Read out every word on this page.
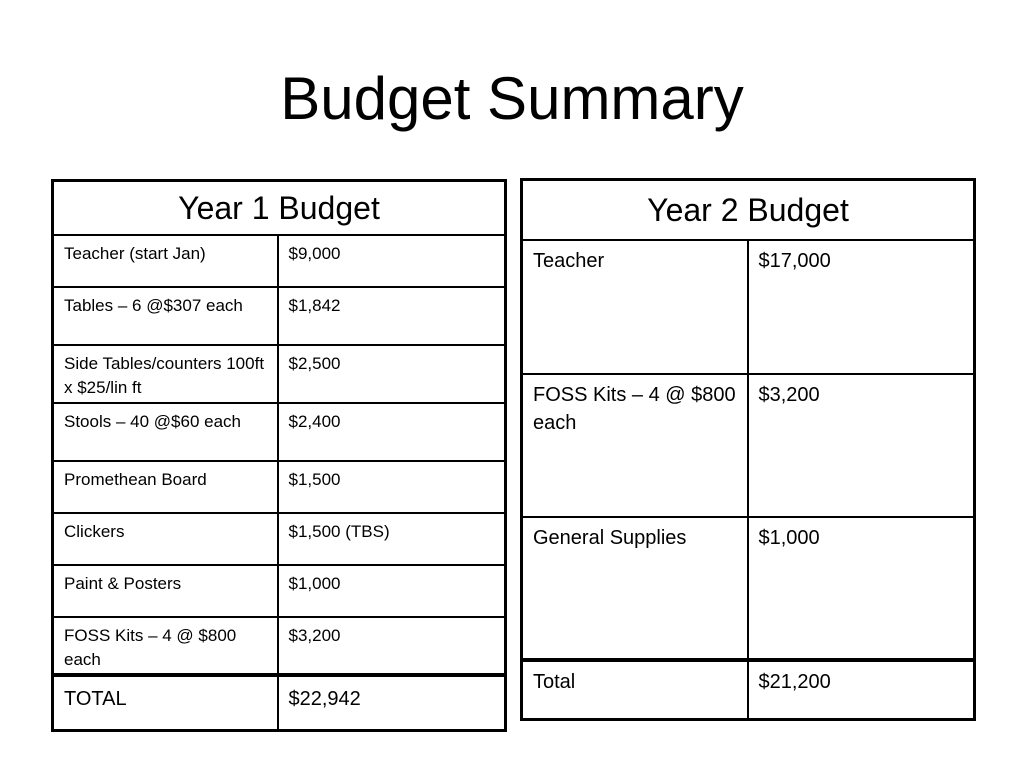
Budget Summary
Year 1 Budget	
Teacher (start Jan)	$9,000
Tables – 6 @$307 each	$1,842
Side Tables/counters 100ft x $25/lin ft	$2,500
Stools – 40 @$60 each	$2,400
Promethean Board	$1,500
Clickers	$1,500 (TBS)
Paint & Posters	$1,000
FOSS Kits – 4 @ $800 each	$3,200
TOTAL	$22,942
Year 2 Budget	
Teacher	$17,000
FOSS Kits – 4 @ $800 each	$3,200
General Supplies	$1,000
Total	$21,200
